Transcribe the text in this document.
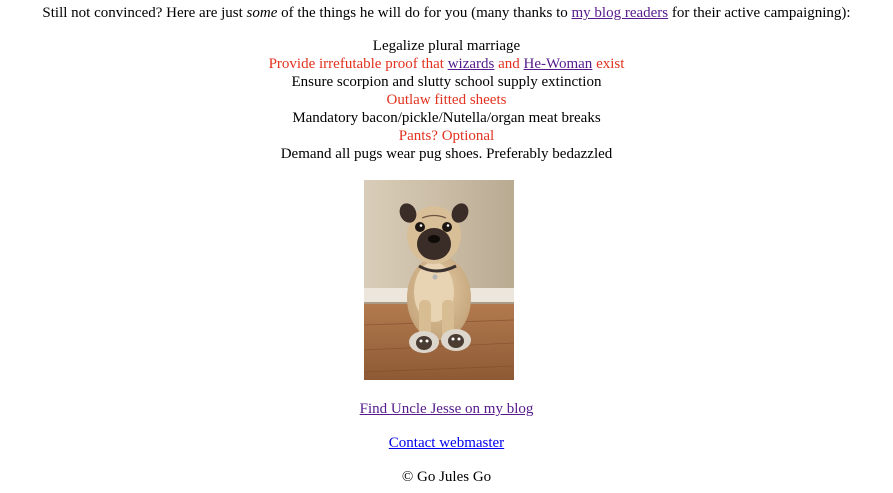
Still not convinced? Here are just some of the things he will do for you (many thanks to my blog readers for their active campaigning):
Legalize plural marriage
Provide irrefutable proof that wizards and He-Woman exist
Ensure scorpion and slutty school supply extinction
Outlaw fitted sheets
Mandatory bacon/pickle/Nutella/organ meat breaks
Pants? Optional
Demand all pugs wear pug shoes. Preferably bedazzled
Find Uncle Jesse on my blog
Contact webmaster
© Go Jules Go
